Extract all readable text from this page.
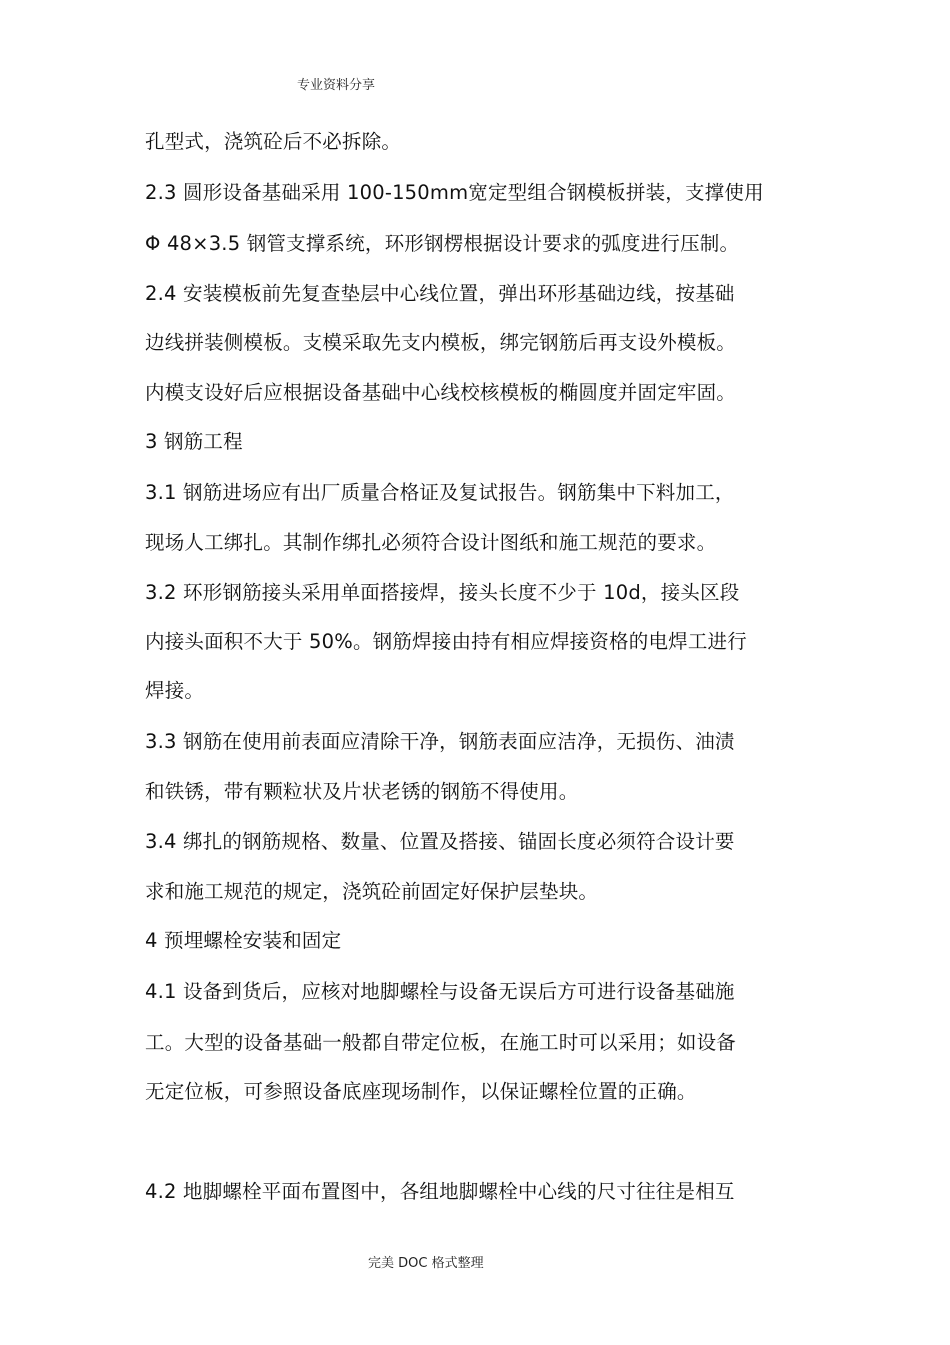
专业资料分享
孔型式，浇筑砼后不必拆除。
2.3 圆形设备基础采用 100-150mm宽定型组合钢模板拼装，支撑使用
Φ 48×3.5 钢管支撑系统，环形钢楞根据设计要求的弧度进行压制。
2.4 安装模板前先复查垫层中心线位置，弹出环形基础边线，按基础
边线拼装侧模板。支模采取先支内模板，绑完钢筋后再支设外模板。
内模支设好后应根据设备基础中心线校核模板的椭圆度并固定牢固。
3 钢筋工程
3.1 钢筋进场应有出厂质量合格证及复试报告。钢筋集中下料加工，
现场人工绑扎。其制作绑扎必须符合设计图纸和施工规范的要求。
3.2 环形钢筋接头采用单面搭接焊，接头长度不少于 10d，接头区段
内接头面积不大于 50%。钢筋焊接由持有相应焊接资格的电焊工进行
焊接。
3.3 钢筋在使用前表面应清除干净，钢筋表面应洁净，无损伤、油渍
和铁锈，带有颗粒状及片状老锈的钢筋不得使用。
3.4 绑扎的钢筋规格、数量、位置及搭接、锚固长度必须符合设计要
求和施工规范的规定，浇筑砼前固定好保护层垫块。
4 预埋螺栓安装和固定
4.1 设备到货后，应核对地脚螺栓与设备无误后方可进行设备基础施
工。大型的设备基础一般都自带定位板，在施工时可以采用；如设备
无定位板，可参照设备底座现场制作，以保证螺栓位置的正确。
4.2 地脚螺栓平面布置图中，各组地脚螺栓中心线的尺寸往往是相互
完美 DOC 格式整理
